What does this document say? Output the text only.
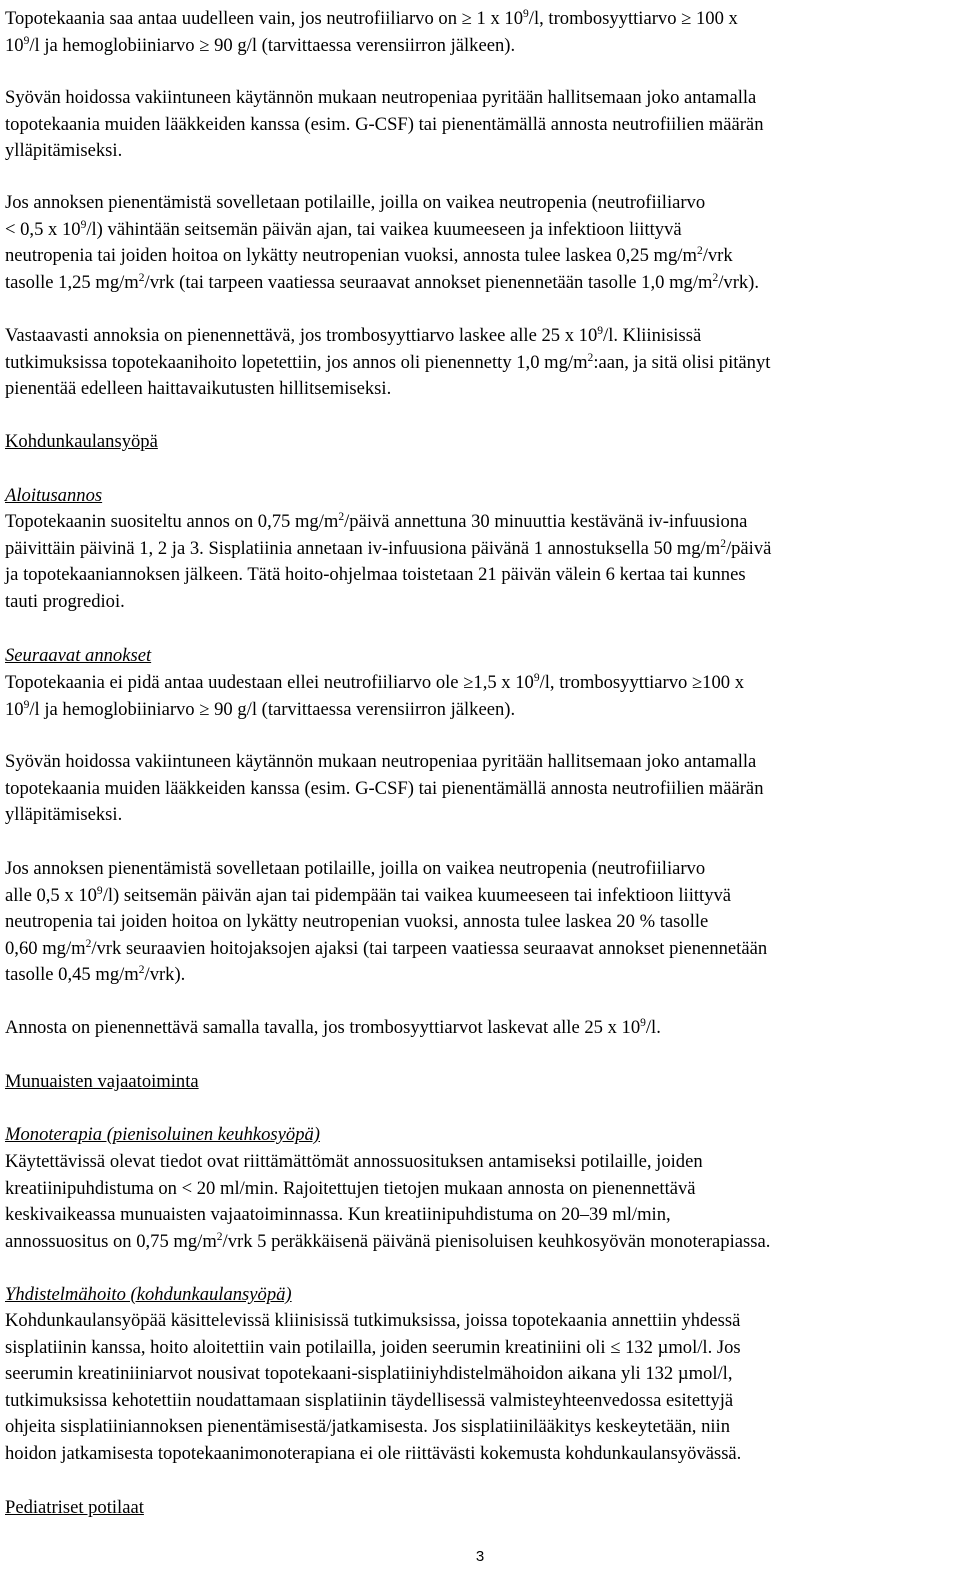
Topotekaania saa antaa uudelleen vain, jos neutrofiiliarvo on ≥ 1 x $10^9/l$, trombosyyttiarvo ≥ 100 x
$10^9/l$ ja hemoglobiiniarvo ≥ 90 g/l (tarvittaessa verensiirron jälkeen).
Syövän hoidossa vakiintuneen käytännön mukaan neutropeniaa pyritään hallitsemaan joko antamalla
topotekaania muiden lääkkeiden kanssa (esim. G-CSF) tai pienentämällä annosta neutrofiilien määrän
ylläpitämiseksi.
Jos annoksen pienentämistä sovelletaan potilaille, joilla on vaikea neutropenia (neutrofiiliarvo
< 0,5 x $10^9/l$) vähintään seitsemän päivän ajan, tai vaikea kuumeeseen ja infektioon liittyvä
neutropenia tai joiden hoitoa on lykätty neutropenian vuoksi, annosta tulee laskea 0,25 $mg/m^2$/vrk
tasolle 1,25 $mg/m^2$/vrk (tai tarpeen vaatiessa seuraavat annokset pienennetään tasolle 1,0 $mg/m^2/vrk$).
Vastaavasti annoksia on pienennettävä, jos trombosyyttiarvo laskee alle 25 x $10^9/l$. Kliinisissä
tutkimuksissa topotekaanihoito lopetettiin, jos annos oli pienennetty 1,0 $mg/m^2:aan$, ja sitä olisi pitänyt
pienentää edelleen haittavaikutusten hillitsemiseksi.
Kohdunkaulansyöpä
Aloitusannos
Topotekaanin suositeltu annos on 0,75 $mg/m^2$/päivä annettuna 30 minuuttia kestävänä iv-infuusiona
päivittäin päivinä 1, 2 ja 3. Sisplatiinia annetaan iv-infuusiona päivänä 1 annostuksella 50 $mg/m^2$/päivä
ja topotekaaniannoksen jälkeen. Tätä hoito-ohjelmaa toistetaan 21 päivän välein 6 kertaa tai kunnes
tauti progredioi.
Seuraavat annokset
Topotekaania ei pidä antaa uudestaan ellei neutrofiiliarvo ole ≥1,5 x $10^9/l$, trombosyyttiarvo ≥100 x
$10^9/l$ ja hemoglobiiniarvo ≥ 90 g/l (tarvittaessa verensiirron jälkeen).
Syövän hoidossa vakiintuneen käytännön mukaan neutropeniaa pyritään hallitsemaan joko antamalla
topotekaania muiden lääkkeiden kanssa (esim. G-CSF) tai pienentämällä annosta neutrofiilien määrän
ylläpitämiseksi.
Jos annoksen pienentämistä sovelletaan potilaille, joilla on vaikea neutropenia (neutrofiiliarvo
alle 0,5 x $10^9/l$) seitsemän päivän ajan tai pidempään tai vaikea kuumeeseen tai infektioon liittyvä
neutropenia tai joiden hoitoa on lykätty neutropenian vuoksi, annosta tulee laskea 20 % tasolle
0,60 $mg/m^2$/vrk seuraavien hoitojaksojen ajaksi (tai tarpeen vaatiessa seuraavat annokset pienennetään
tasolle 0,45 $mg/m^2/vrk$).
Annosta on pienennettävä samalla tavalla, jos trombosyyttiarvot laskevat alle 25 x $10^9/l$.
Munuaisten vajaatoiminta
Monoterapia (pienisoluinen keuhkosyöpä)
Käytettävissä olevat tiedot ovat riittämättömät annossuosituksen antamiseksi potilaille, joiden
kreatiinipuhdistuma on < 20 ml/min. Rajoitettujen tietojen mukaan annosta on pienennettävä
keskivaikeassa munuaisten vajaatoiminnassa. Kun kreatiinipuhdistuma on 20–39 ml/min,
annossuositus on 0,75 $mg/m^2$/vrk 5 peräkkäisenä päivänä pienisoluisen keuhkosyövän monoterapiassa.
Yhdistelmähoito (kohdunkaulansyöpä)
Kohdunkaulansyöpää käsittelevissä kliinisissä tutkimuksissa, joissa topotekaania annettiin yhdessä
sisplatiinin kanssa, hoito aloitettiin vain potilailla, joiden seerumin kreatiniini oli ≤ 132 µmol/l. Jos
seerumin kreatiniiniarvot nousivat topotekaani-sisplatiiniyhdistelmähoidon aikana yli 132 µmol/l,
tutkimuksissa kehotettiin noudattamaan sisplatiinin täydellisessä valmisteyhteenvedossa esitettyjä
ohjeita sisplatiiniannoksen pienentämisestä/jatkamisesta. Jos sisplatiinilääkitys keskeytetään, niin
hoidon jatkamisesta topotekaanimonoterapiana ei ole riittävästi kokemusta kohdunkaulansyövässä.
Pediatriset potilaat
3
